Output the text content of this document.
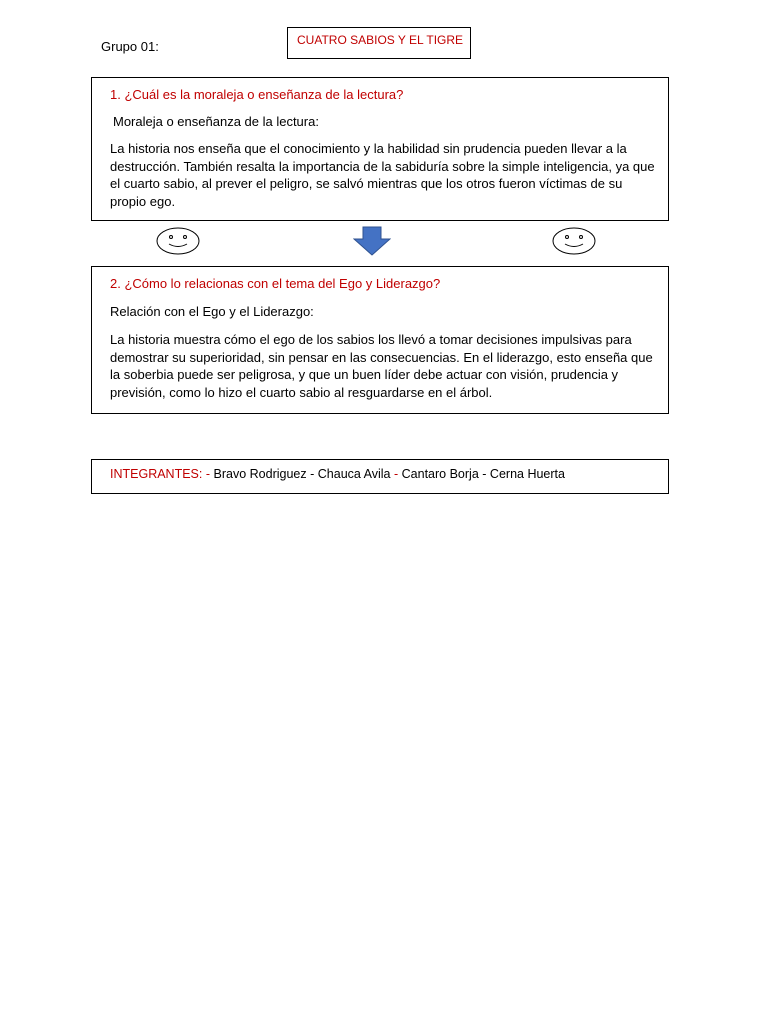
Grupo 01:	CUATRO SABIOS Y EL TIGRE
1. ¿Cuál es la moraleja o enseñanza de la lectura?
Moraleja o enseñanza de la lectura:
La historia nos enseña que el conocimiento y la habilidad sin prudencia pueden llevar a la destrucción. También resalta la importancia de la sabiduría sobre la simple inteligencia, ya que el cuarto sabio, al prever el peligro, se salvó mientras que los otros fueron víctimas de su propio ego.
2. ¿Cómo lo relacionas con el tema del Ego y Liderazgo?
Relación con el Ego y el Liderazgo:
La historia muestra cómo el ego de los sabios los llevó a tomar decisiones impulsivas para demostrar su superioridad, sin pensar en las consecuencias. En el liderazgo, esto enseña que la soberbia puede ser peligrosa, y que un buen líder debe actuar con visión, prudencia y previsión, como lo hizo el cuarto sabio al resguardarse en el árbol.
INTEGRANTES: - Bravo Rodriguez - Chauca Avila - Cantaro Borja - Cerna Huerta
